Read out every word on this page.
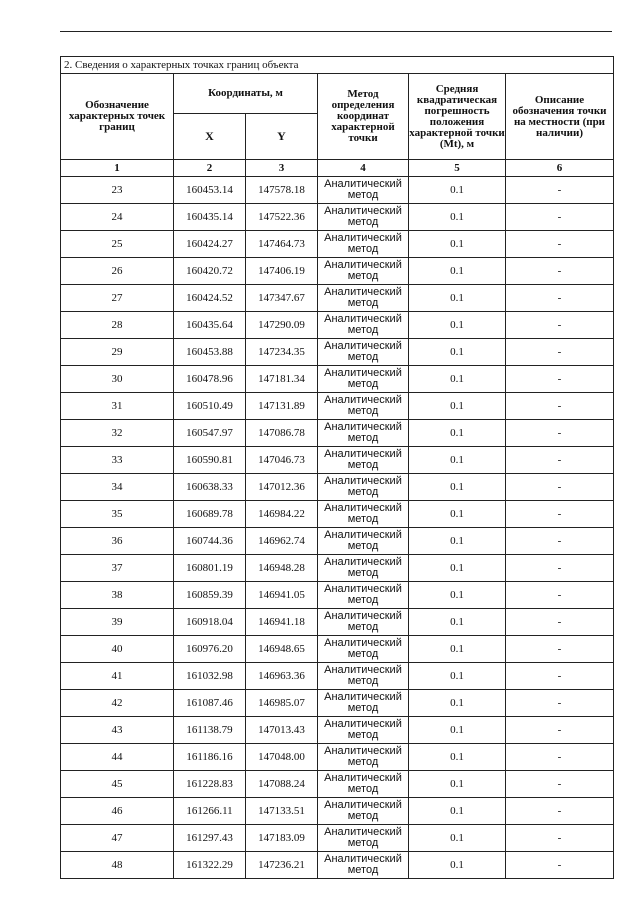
2. Сведения о характерных точках границ объекта					
Обозначение характерных точек границ	Координаты, м		Метод определения координат характерной точки	Средняя квадратическая погрешность положения характерной точки (Mt), м	Описание обозначения точки на местности (при наличии)
	X	Y			
1	2	3	4	5	6
23	160453.14	147578.18	Аналитический метод	0.1	-
24	160435.14	147522.36	Аналитический метод	0.1	-
25	160424.27	147464.73	Аналитический метод	0.1	-
26	160420.72	147406.19	Аналитический метод	0.1	-
27	160424.52	147347.67	Аналитический метод	0.1	-
28	160435.64	147290.09	Аналитический метод	0.1	-
29	160453.88	147234.35	Аналитический метод	0.1	-
30	160478.96	147181.34	Аналитический метод	0.1	-
31	160510.49	147131.89	Аналитический метод	0.1	-
32	160547.97	147086.78	Аналитический метод	0.1	-
33	160590.81	147046.73	Аналитический метод	0.1	-
34	160638.33	147012.36	Аналитический метод	0.1	-
35	160689.78	146984.22	Аналитический метод	0.1	-
36	160744.36	146962.74	Аналитический метод	0.1	-
37	160801.19	146948.28	Аналитический метод	0.1	-
38	160859.39	146941.05	Аналитический метод	0.1	-
39	160918.04	146941.18	Аналитический метод	0.1	-
40	160976.20	146948.65	Аналитический метод	0.1	-
41	161032.98	146963.36	Аналитический метод	0.1	-
42	161087.46	146985.07	Аналитический метод	0.1	-
43	161138.79	147013.43	Аналитический метод	0.1	-
44	161186.16	147048.00	Аналитический метод	0.1	-
45	161228.83	147088.24	Аналитический метод	0.1	-
46	161266.11	147133.51	Аналитический метод	0.1	-
47	161297.43	147183.09	Аналитический метод	0.1	-
48	161322.29	147236.21	Аналитический метод	0.1	-
